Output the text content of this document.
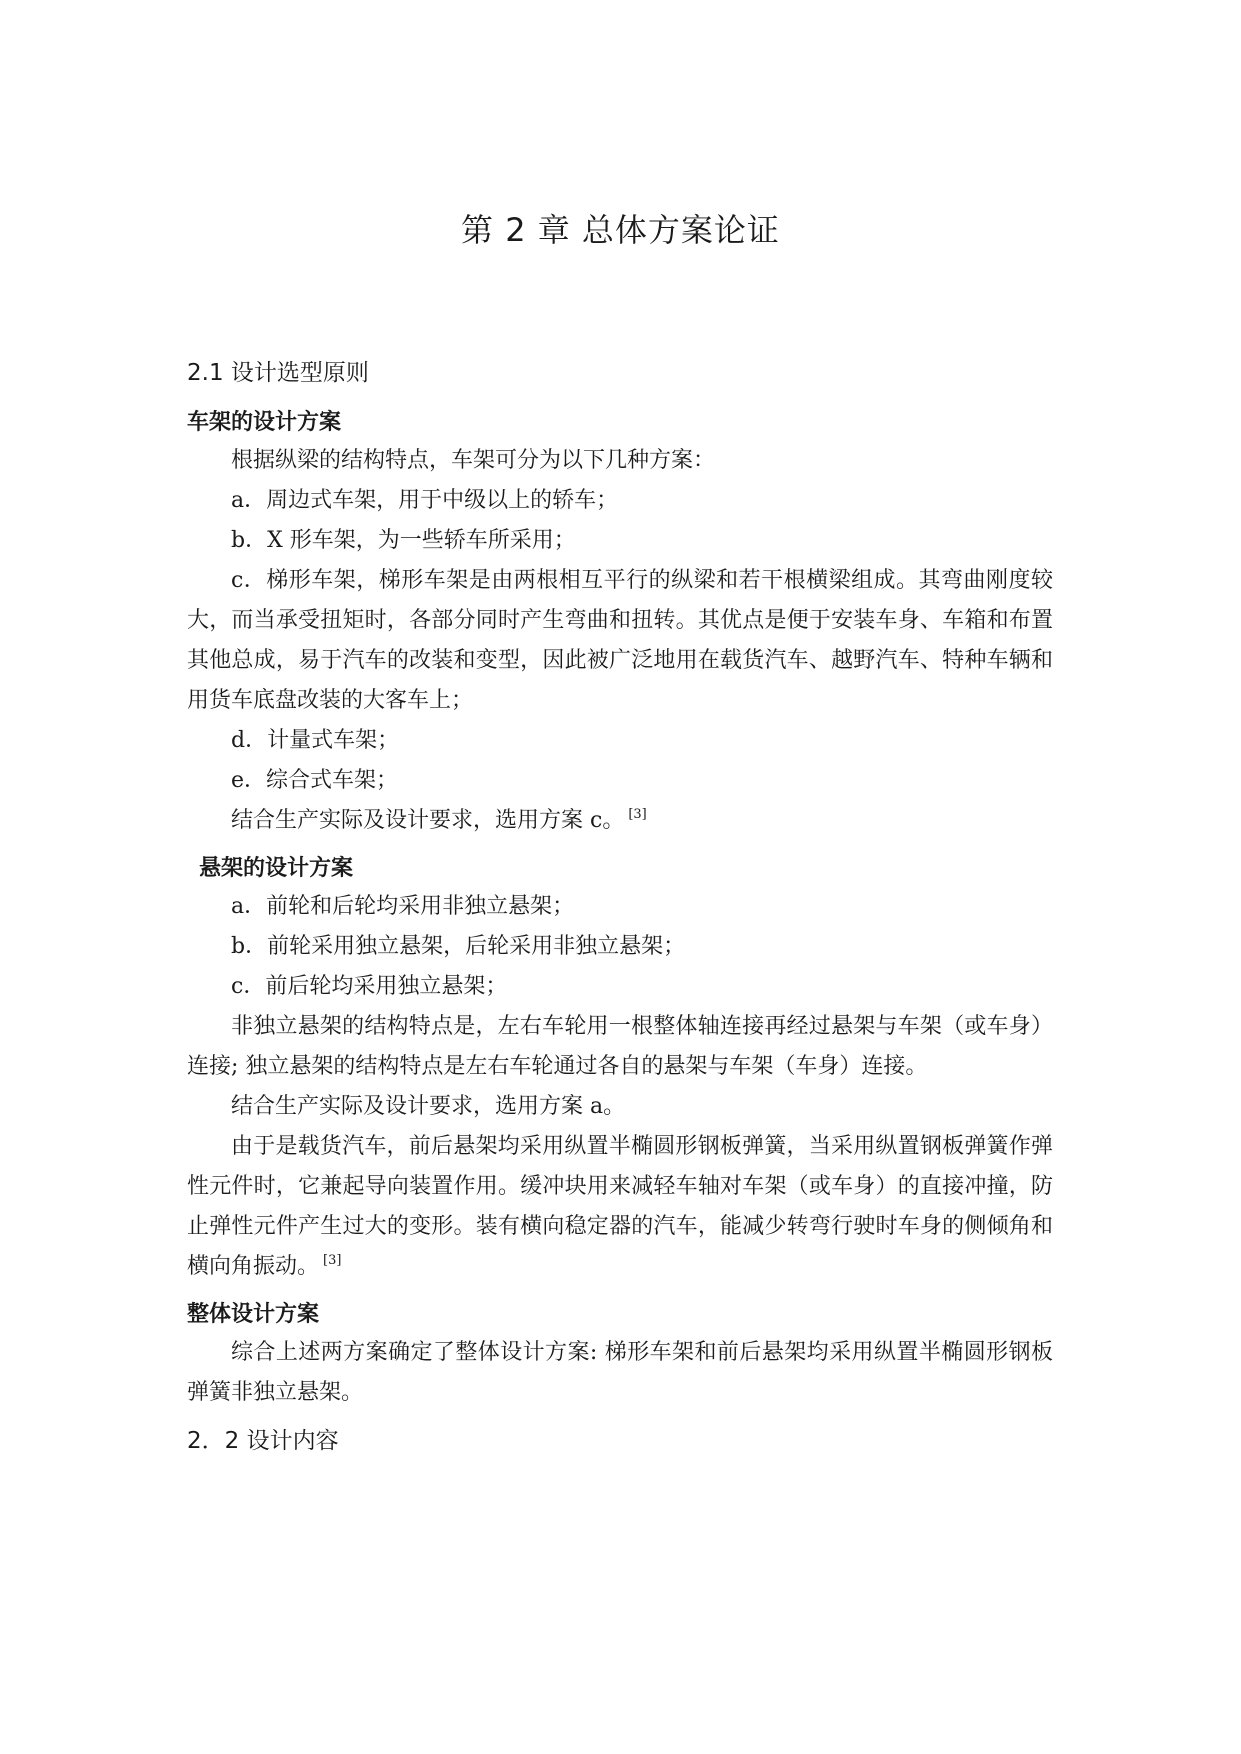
第 2 章 总体方案论证
2.1 设计选型原则
车架的设计方案

根据纵梁的结构特点，车架可分为以下几种方案：

a．周边式车架，用于中级以上的轿车；

b．X 形车架，为一些轿车所采用；

c．梯形车架，梯形车架是由两根相互平行的纵梁和若干根横梁组成。其弯曲刚度较大，而当承受扭矩时，各部分同时产生弯曲和扭转。其优点是便于安装车身、车箱和布置其他总成，易于汽车的改装和变型，因此被广泛地用在载货汽车、越野汽车、特种车辆和用货车底盘改装的大客车上；

d．计量式车架；

e．综合式车架；

结合生产实际及设计要求，选用方案 c。 [3]

悬架的设计方案

a．前轮和后轮均采用非独立悬架；

b．前轮采用独立悬架，后轮采用非独立悬架；

c．前后轮均采用独立悬架；

非独立悬架的结构特点是，左右车轮用一根整体轴连接再经过悬架与车架（或车身）连接; 独立悬架的结构特点是左右车轮通过各自的悬架与车架（车身）连接。

结合生产实际及设计要求，选用方案 a。

由于是载货汽车，前后悬架均采用纵置半椭圆形钢板弹簧，当采用纵置钢板弹簧作弹性元件时，它兼起导向装置作用。缓冲块用来减轻车轴对车架（或车身）的直接冲撞，防止弹性元件产生过大的变形。装有横向稳定器的汽车，能减少转弯行驶时车身的侧倾角和横向角振动。 [3]

整体设计方案

综合上述两方案确定了整体设计方案: 梯形车架和前后悬架均采用纵置半椭圆形钢板弹簧非独立悬架。

2．2 设计内容
